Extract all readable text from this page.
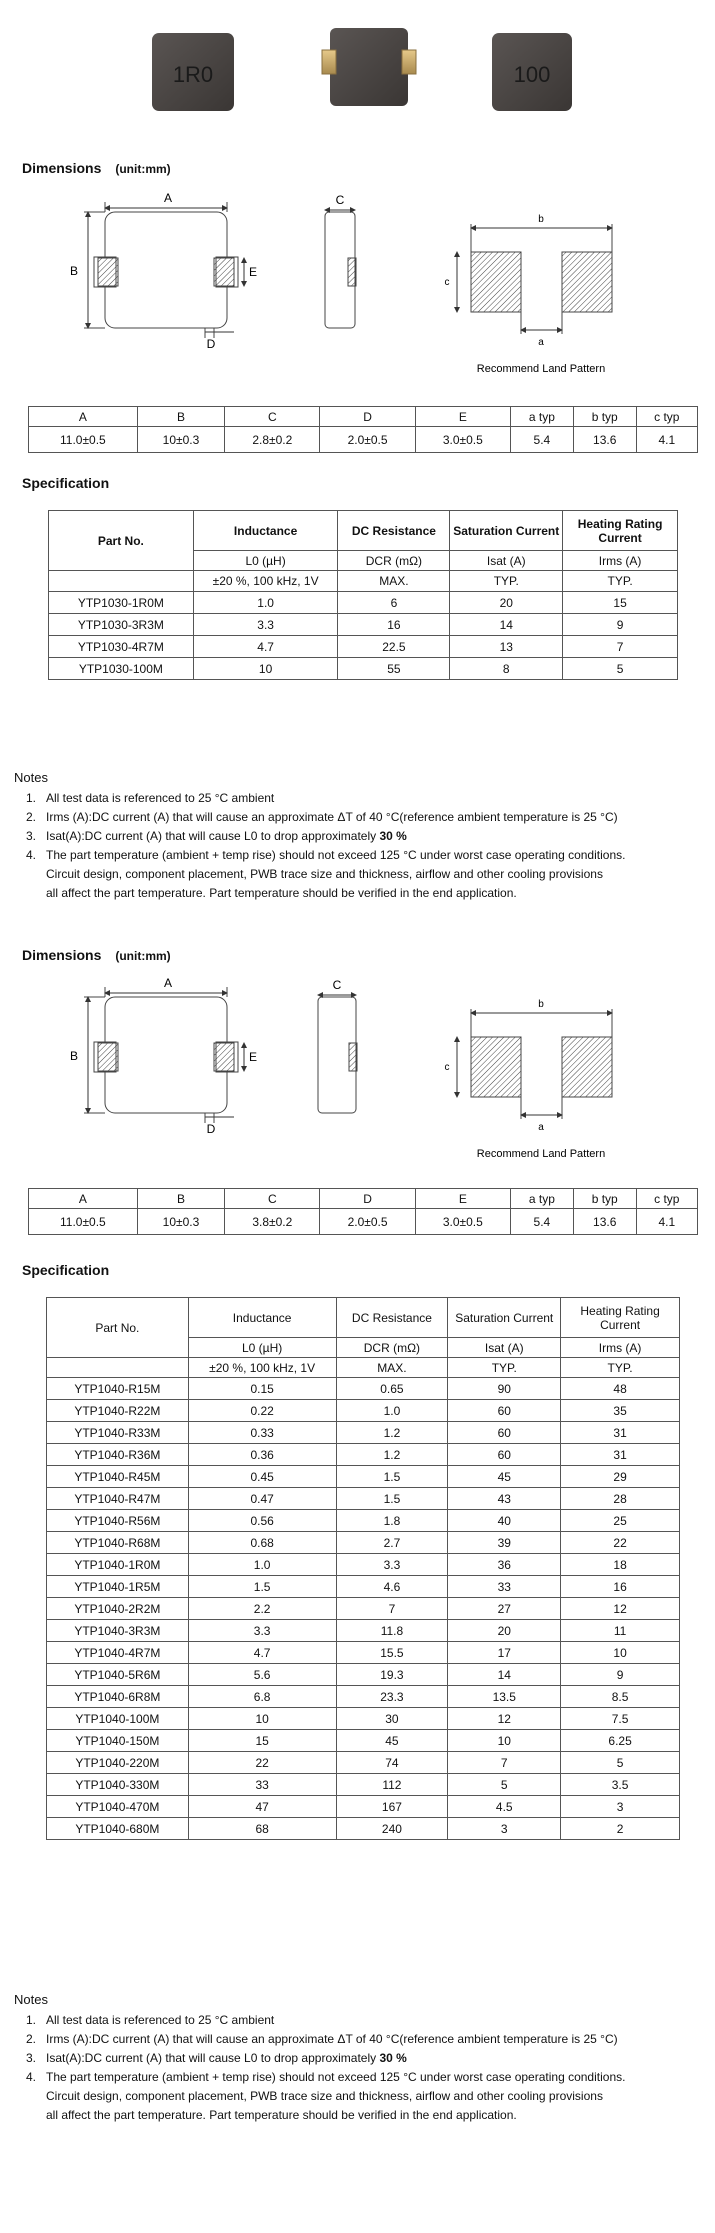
1R0	100
Dimensions (unit:mm)
A
B	E
D
C
b
c
a
Recommend Land Pattern
A	B	C	D	E	a typ	b typ	c typ
11.0±0.5	10±0.3	2.8±0.2	2.0±0.5	3.0±0.5	5.4	13.6	4.1
Specification
Part No.	Inductance	DC Resistance	Saturation Current	Heating Rating Current
	L0 (µH)	DCR (mΩ)	Isat (A)	Irms (A)
	±20 %, 100 kHz, 1V	MAX.	TYP.	TYP.
YTP1030-1R0M	1.0	6	20	15
YTP1030-3R3M	3.3	16	14	9
YTP1030-4R7M	4.7	22.5	13	7
YTP1030-100M	10	55	8	5
Notes
1. All test data is referenced to 25 °C ambient
2. Irms (A):DC current (A) that will cause an approximate ΔT of 40 °C(reference ambient temperature is 25 °C)
3. Isat(A):DC current (A) that will cause L0 to drop approximately 30 %
4. The part temperature (ambient + temp rise) should not exceed 125 °C under worst case operating conditions.
Circuit design, component placement, PWB trace size and thickness, airflow and other cooling provisions
all affect the part temperature. Part temperature should be verified in the end application.
Dimensions (unit:mm)
A
B	E
D
C
b
c
a
Recommend Land Pattern
A	B	C	D	E	a typ	b typ	c typ
11.0±0.5	10±0.3	3.8±0.2	2.0±0.5	3.0±0.5	5.4	13.6	4.1
Specification
Part No.	Inductance	DC Resistance	Saturation Current	Heating Rating Current
	L0 (µH)	DCR (mΩ)	Isat (A)	Irms (A)
	±20 %, 100 kHz, 1V	MAX.	TYP.	TYP.
YTP1040-R15M	0.15	0.65	90	48
YTP1040-R22M	0.22	1.0	60	35
YTP1040-R33M	0.33	1.2	60	31
YTP1040-R36M	0.36	1.2	60	31
YTP1040-R45M	0.45	1.5	45	29
YTP1040-R47M	0.47	1.5	43	28
YTP1040-R56M	0.56	1.8	40	25
YTP1040-R68M	0.68	2.7	39	22
YTP1040-1R0M	1.0	3.3	36	18
YTP1040-1R5M	1.5	4.6	33	16
YTP1040-2R2M	2.2	7	27	12
YTP1040-3R3M	3.3	11.8	20	11
YTP1040-4R7M	4.7	15.5	17	10
YTP1040-5R6M	5.6	19.3	14	9
YTP1040-6R8M	6.8	23.3	13.5	8.5
YTP1040-100M	10	30	12	7.5
YTP1040-150M	15	45	10	6.25
YTP1040-220M	22	74	7	5
YTP1040-330M	33	112	5	3.5
YTP1040-470M	47	167	4.5	3
YTP1040-680M	68	240	3	2
Notes
1. All test data is referenced to 25 °C ambient
2. Irms (A):DC current (A) that will cause an approximate ΔT of 40 °C(reference ambient temperature is 25 °C)
3. Isat(A):DC current (A) that will cause L0 to drop approximately 30 %
4. The part temperature (ambient + temp rise) should not exceed 125 °C under worst case operating conditions.
Circuit design, component placement, PWB trace size and thickness, airflow and other cooling provisions
all affect the part temperature. Part temperature should be verified in the end application.
